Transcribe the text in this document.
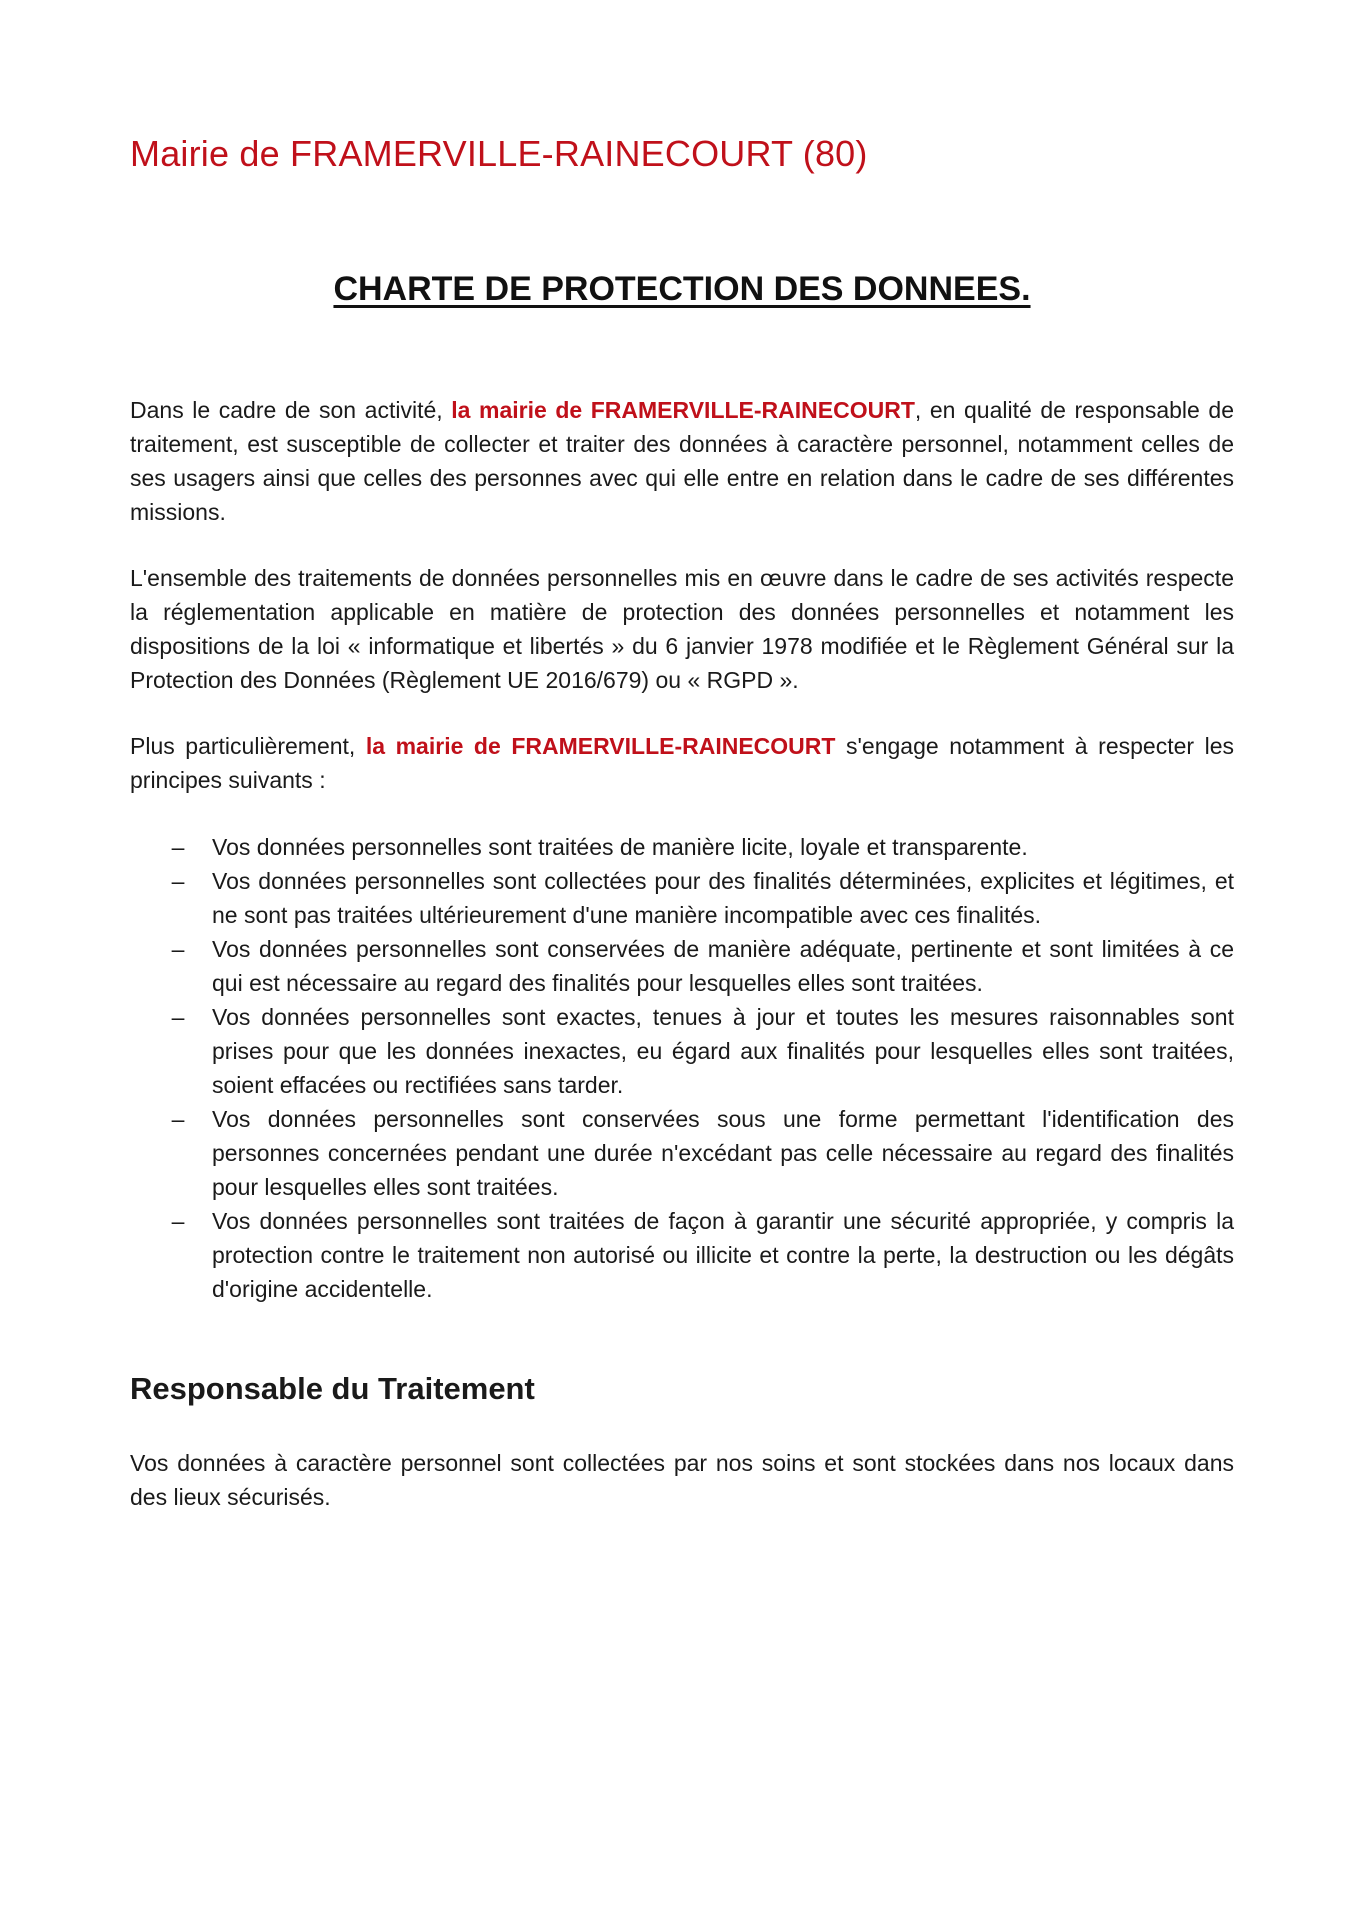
Mairie de FRAMERVILLE-RAINECOURT (80)
CHARTE DE PROTECTION DES DONNEES.

Dans le cadre de son activité, la mairie de FRAMERVILLE-RAINECOURT, en qualité de responsable de traitement, est susceptible de collecter et traiter des données à caractère personnel, notamment celles de ses usagers ainsi que celles des personnes avec qui elle entre en relation dans le cadre de ses différentes missions.

L'ensemble des traitements de données personnelles mis en œuvre dans le cadre de ses activités respecte la réglementation applicable en matière de protection des données personnelles et notamment les dispositions de la loi « informatique et libertés » du 6 janvier 1978 modifiée et le Règlement Général sur la Protection des Données (Règlement UE 2016/679) ou « RGPD ».

Plus particulièrement, la mairie de FRAMERVILLE-RAINECOURT s'engage notamment à respecter les principes suivants :

– Vos données personnelles sont traitées de manière licite, loyale et transparente.
– Vos données personnelles sont collectées pour des finalités déterminées, explicites et légitimes, et ne sont pas traitées ultérieurement d'une manière incompatible avec ces finalités.
– Vos données personnelles sont conservées de manière adéquate, pertinente et sont limitées à ce qui est nécessaire au regard des finalités pour lesquelles elles sont traitées.
– Vos données personnelles sont exactes, tenues à jour et toutes les mesures raisonnables sont prises pour que les données inexactes, eu égard aux finalités pour lesquelles elles sont traitées, soient effacées ou rectifiées sans tarder.
– Vos données personnelles sont conservées sous une forme permettant l'identification des personnes concernées pendant une durée n'excédant pas celle nécessaire au regard des finalités pour lesquelles elles sont traitées.
– Vos données personnelles sont traitées de façon à garantir une sécurité appropriée, y compris la protection contre le traitement non autorisé ou illicite et contre la perte, la destruction ou les dégâts d'origine accidentelle.
Responsable du Traitement

Vos données à caractère personnel sont collectées par nos soins et sont stockées dans nos locaux dans des lieux sécurisés.
